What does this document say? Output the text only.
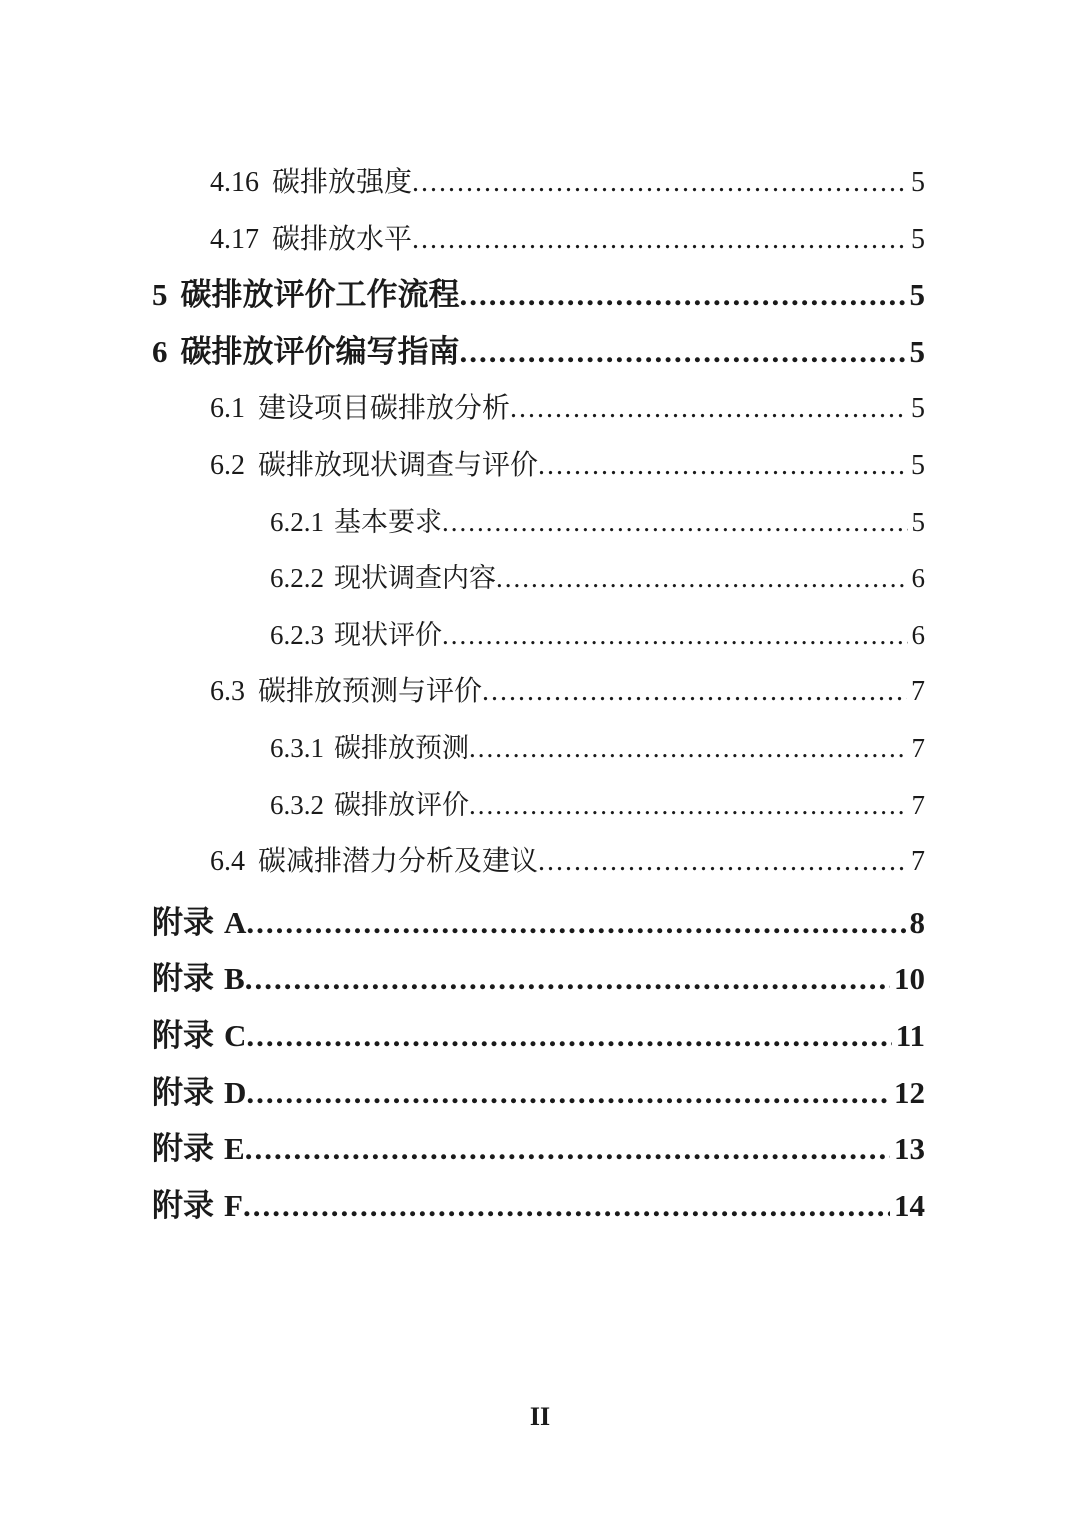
4.16 碳排放强度 .....	5
4.17 碳排放水平 .....	5
5 碳排放评价工作流程 .....	5
6 碳排放评价编写指南 .....	5
6.1 建设项目碳排放分析 .....	5
6.2 碳排放现状调查与评价 .....	5
6.2.1 基本要求 .....	5
6.2.2 现状调查内容 .....	6
6.2.3 现状评价 .....	6
6.3 碳排放预测与评价 .....	7
6.3.1 碳排放预测 .....	7
6.3.2 碳排放评价 .....	7
6.4 碳减排潜力分析及建议 .....	7
附录 A .....	8
附录 B .....	10
附录 C .....	11
附录 D .....	12
附录 E .....	13
附录 F .....	14
II
